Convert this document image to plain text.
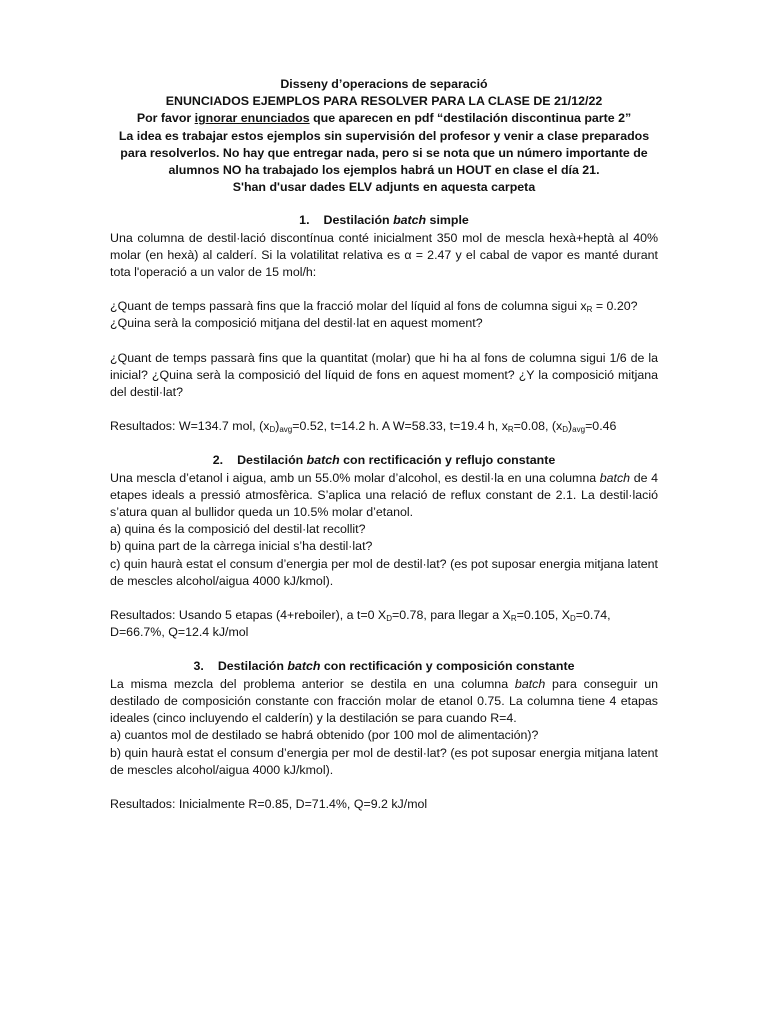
Disseny d’operacions de separació
ENUNCIADOS EJEMPLOS PARA RESOLVER PARA LA CLASE DE 21/12/22
Por favor ignorar enunciados que aparecen en pdf “destilación discontinua parte 2”
La idea es trabajar estos ejemplos sin supervisión del profesor y venir a clase preparados
para resolverlos. No hay que entregar nada, pero si se nota que un número importante de
alumnos NO ha trabajado los ejemplos habrá un HOUT en clase el día 21.
S'han d'usar dades ELV adjunts en aquesta carpeta
1. Destilación batch simple

Una columna de destil·lació discontínua conté inicialment 350 mol de mescla hexà+heptà al 40% molar (en hexà) al calderí. Si la volatilitat relativa es α = 2.47 y el cabal de vapor es manté durant tota l'operació a un valor de 15 mol/h:

¿Quant de temps passarà fins que la fracció molar del líquid al fons de columna sigui $x_R = 0.20$?

¿Quina serà la composició mitjana del destil·lat en aquest moment?

¿Quant de temps passarà fins que la quantitat (molar) que hi ha al fons de columna sigui 1/6 de la inicial? ¿Quina serà la composició del líquid de fons en aquest moment? ¿Y la composició mitjana del destil·lat?

Resultados: W=134.7 mol, $(x_D)_{avg}=0.52$, t=14.2 h. A W=58.33, t=19.4 h, $x_R=0.08$, $(x_D)_{avg}=0.46$

2. Destilación batch con rectificación y reflujo constante

Una mescla d’etanol i aigua, amb un 55.0% molar d’alcohol, es destil·la en una columna batch de 4 etapes ideals a pressió atmosfèrica. S’aplica una relació de reflux constant de 2.1. La destil·lació s’atura quan al bullidor queda un 10.5% molar d’etanol.

a) quina és la composició del destil·lat recollit?

b) quina part de la càrrega inicial s’ha destil·lat?

c) quin haurà estat el consum d’energia per mol de destil·lat? (es pot suposar energia mitjana latent de mescles alcohol/aigua 4000 kJ/kmol).

Resultados: Usando 5 etapas (4+reboiler), a t=0 $X_D=0.78$, para llegar a $X_R=0.105$, $X_D=0.74$,

D=66.7%, Q=12.4 kJ/mol

3. Destilación batch con rectificación y composición constante

La misma mezcla del problema anterior se destila en una columna batch para conseguir un destilado de composición constante con fracción molar de etanol 0.75. La columna tiene 4 etapas ideales (cinco incluyendo el calderín) y la destilación se para cuando R=4.

a) cuantos mol de destilado se habrá obtenido (por 100 mol de alimentación)?

b) quin haurà estat el consum d’energia per mol de destil·lat? (es pot suposar energia mitjana latent de mescles alcohol/aigua 4000 kJ/kmol).

Resultados: Inicialmente R=0.85, D=71.4%, Q=9.2 kJ/mol
